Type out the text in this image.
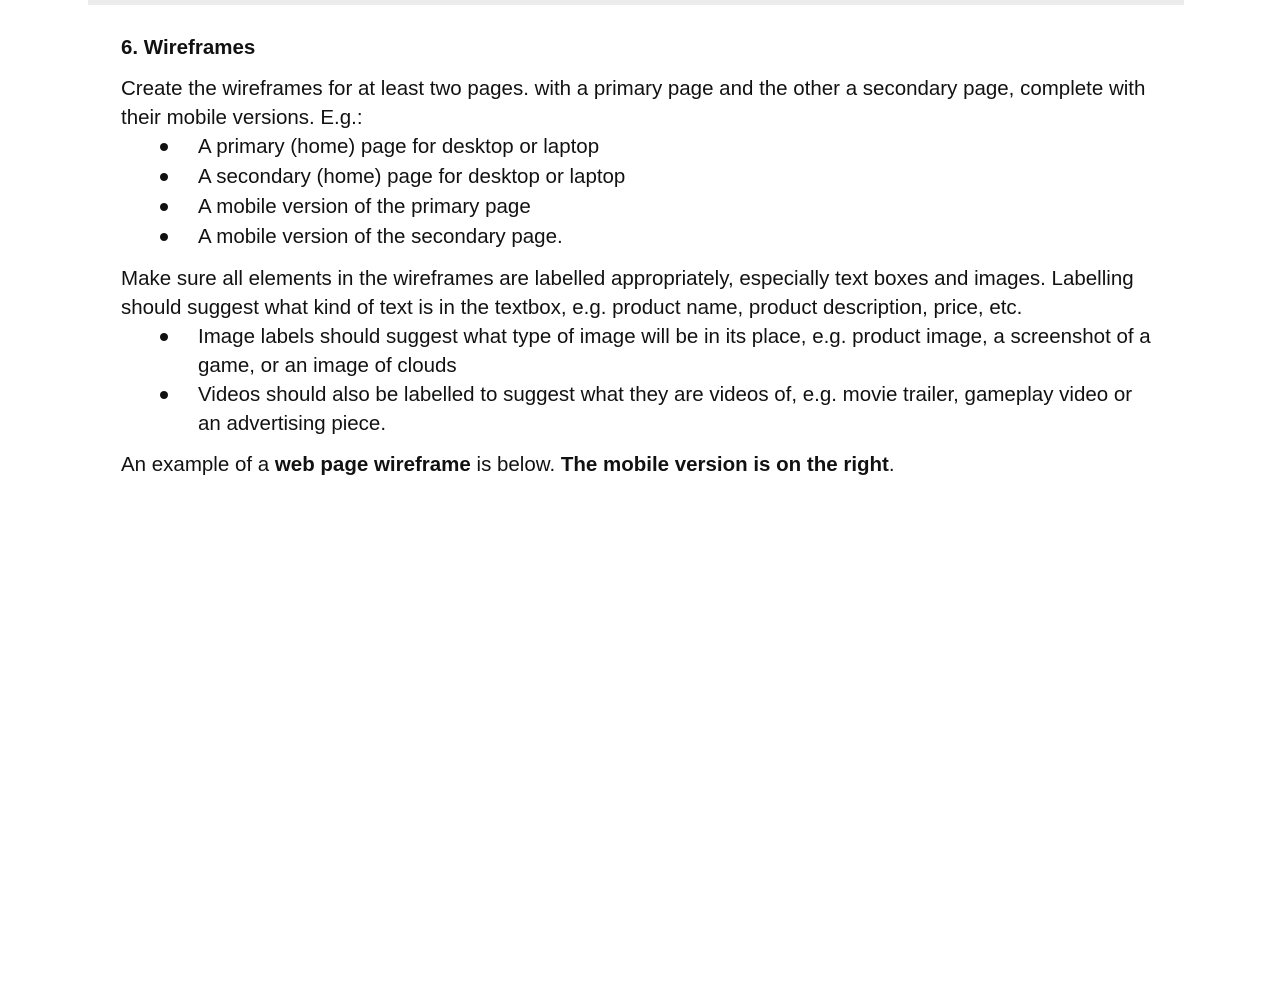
6. Wireframes

Create the wireframes for at least two pages. with a primary page and the other a secondary page, complete with their mobile versions. E.g.:

A primary (home) page for desktop or laptop
A secondary (home) page for desktop or laptop
A mobile version of the primary page
A mobile version of the secondary page.

Make sure all elements in the wireframes are labelled appropriately, especially text boxes and images. Labelling should suggest what kind of text is in the textbox, e.g. product name, product description, price, etc.

Image labels should suggest what type of image will be in its place, e.g. product image, a screenshot of a game, or an image of clouds
Videos should also be labelled to suggest what they are videos of, e.g. movie trailer, gameplay video or an advertising piece.

An example of a web page wireframe is below. The mobile version is on the right.
